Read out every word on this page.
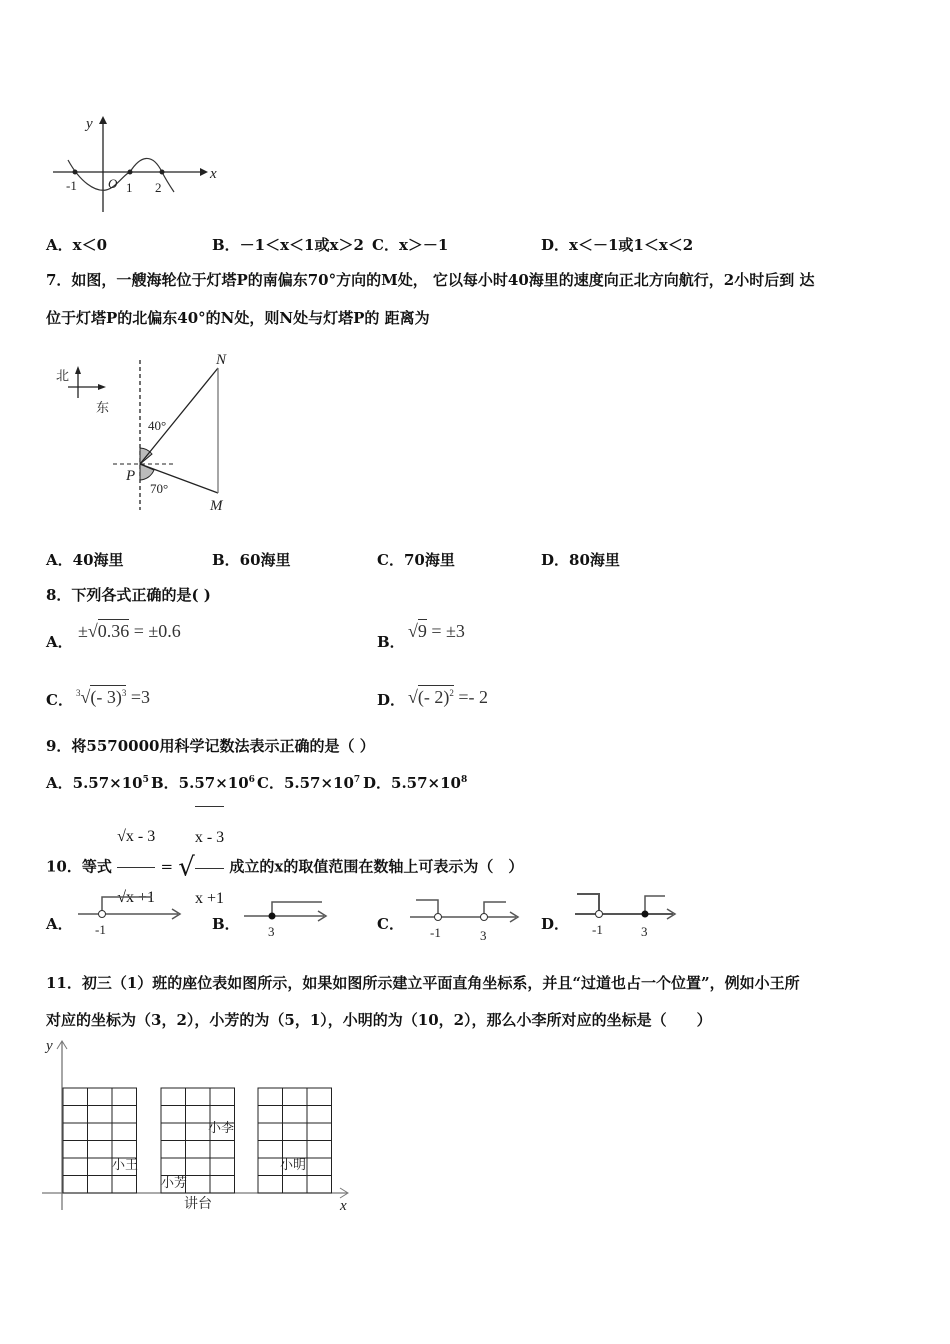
y
x
-1 O 1 2
A．x＜0	B．－1＜x＜1或x＞2 C．x＞－1	D．x＜－1或1＜x＜2
7．如图，一艘海轮位于灯塔P的南偏东70°方向的M处， 它以每小时40海里的速度向正北方向航行，2小时后到 达
位于灯塔P的北偏东40°的N处，则N处与灯塔P的 距离为
北
东
N
M
P
40°
70°
A．40海里	B．60海里	C．70海里	D．80海里
8．下列各式正确的是( )
A．
±√0.36 = ±0.6
B．
√9 = ±3
C． $^3$√(- 3)$^3$ =3	D． √(- 2)$^2$ =- 2
9．将5570000用科学记数法表示正确的是（ ）
A．$5.57\times 10^5$ B．$5.57\times 10^6$ C．$5.57\times 10^7$ D．$5.57\times 10^8$
10．等式 $\frac{√x - 3}{√x +1}$ = √ $\frac{x - 3}{x +1}$ 成立的x的取值范围在数轴上可表示为（　）
A． -1	B． 3	C． -1	3
D． -1	3
11．初三（1）班的座位表如图所示，如果如图所示建立平面直角坐标系，并且“过道也占一个位置”，例如小王所
对应的坐标为（3，2），小芳的为（5，1），小明的为（10，2），那么小李所对应的坐标是（　　）
y
x
讲台
小王
小芳
小李
小明
